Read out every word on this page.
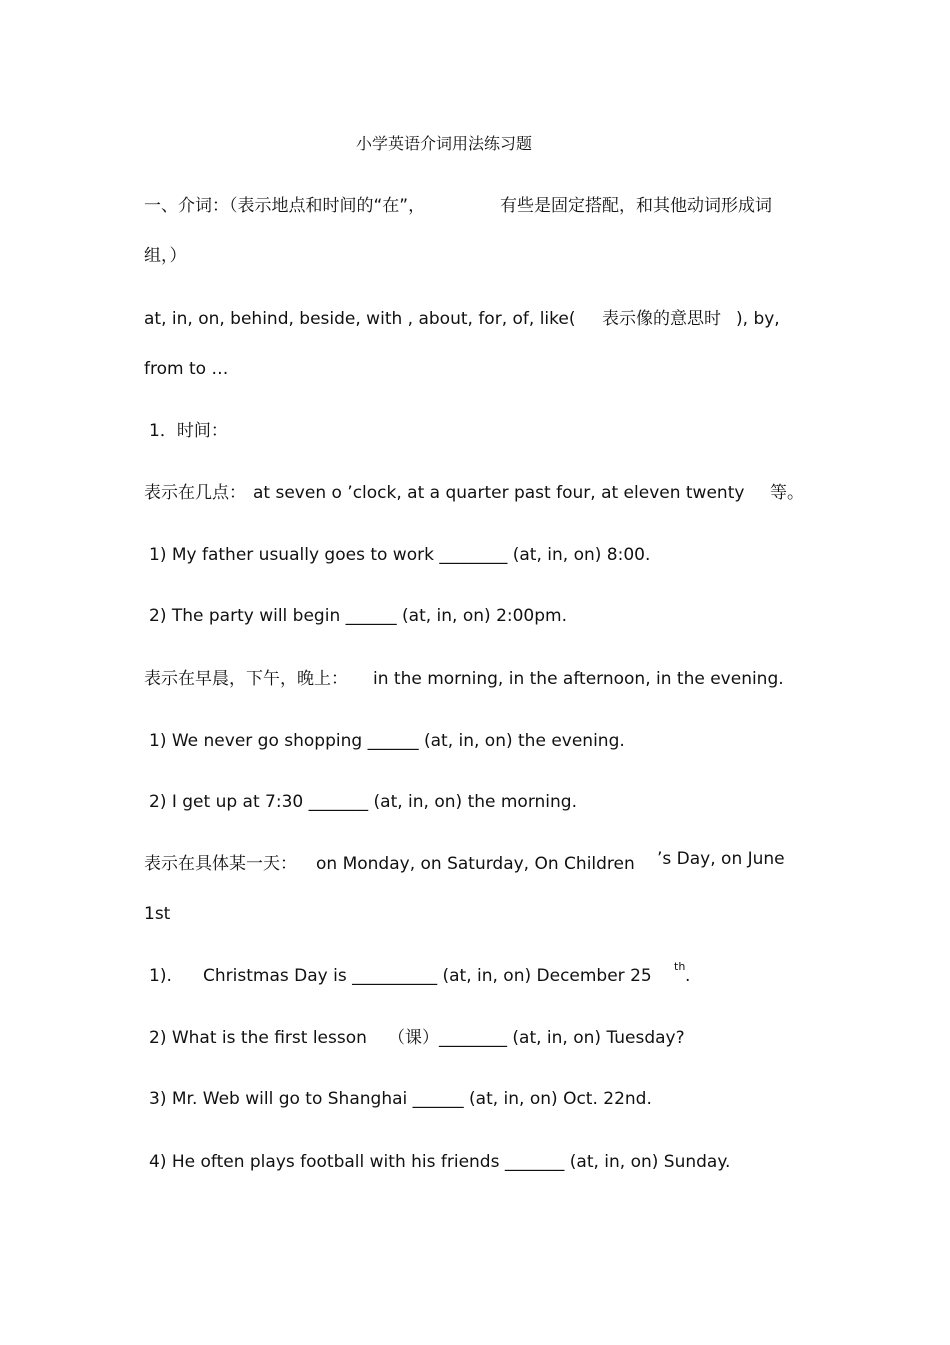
小学英语介词用法练习题
一、介词：（表示地点和时间的“在”，	有些是固定搭配，和其他动词形成词
组，）
at, in, on, behind, beside, with , about, for, of, like( 表示像的意思时 ), by,
from to …
1．时间：
表示在几点： at seven o ’clock, at a quarter past four, at eleven twenty 等。
1) My father usually goes to work ________ (at, in, on) 8:00.
2) The party will begin ______ (at, in, on) 2:00pm.
表示在早晨，下午，晚上： in the morning, in the afternoon, in the evening.
1) We never go shopping ______ (at, in, on) the evening.
2) I get up at 7:30 _______ (at, in, on) the morning.
表示在具体某一天： on Monday, on Saturday, On Children ’s Day, on June
1st
1). Christmas Day is __________ (at, in, on) December 25 th .
2) What is the first lesson （课） ________ (at, in, on) Tuesday?
3) Mr. Web will go to Shanghai ______ (at, in, on) Oct. 22nd.
4) He often plays football with his friends _______ (at, in, on) Sunday.
